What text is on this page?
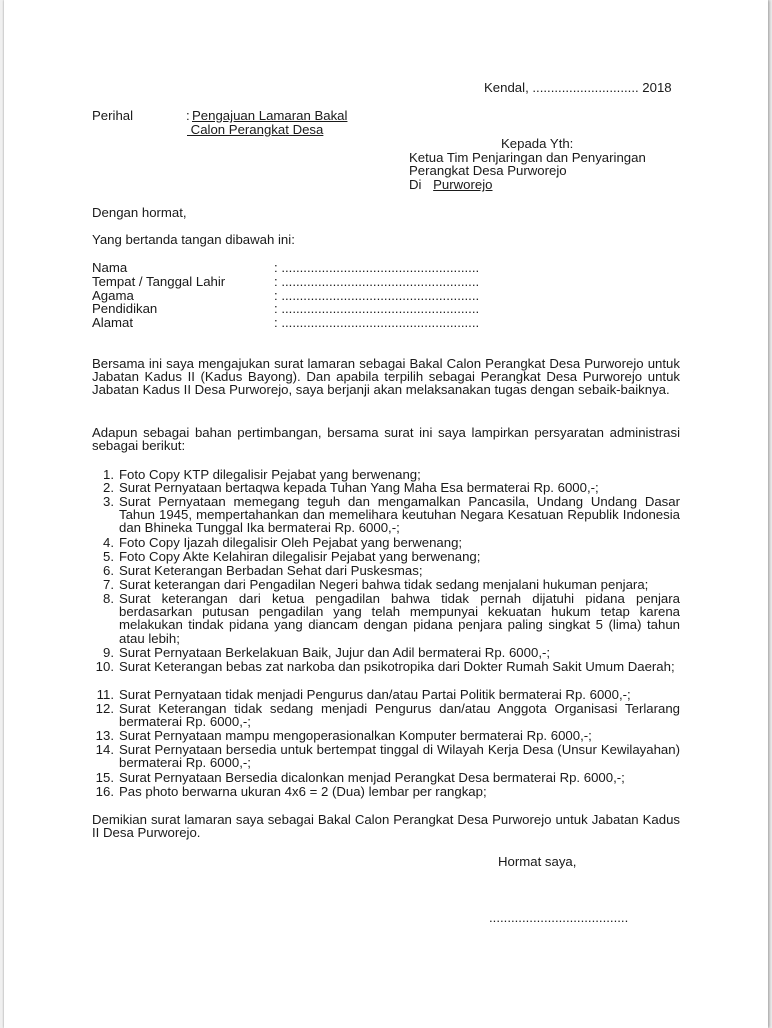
Kendal, ............................. 2018
Perihal	: Pengajuan Lamaran Bakal
Calon Perangkat Desa
Kepada Yth:
Ketua Tim Penjaringan dan Penyaringan
Perangkat Desa Purworejo
Di Purworejo
Dengan hormat,
Yang bertanda tangan dibawah ini:
Nama	: ......................................................
Tempat / Tanggal Lahir	: ......................................................
Agama	: ......................................................
Pendidikan	: ......................................................
Alamat	: ......................................................
Bersama ini saya mengajukan surat lamaran sebagai Bakal Calon Perangkat Desa Purworejo untuk Jabatan Kadus II (Kadus Bayong). Dan apabila terpilih sebagai Perangkat Desa Purworejo untuk Jabatan Kadus II Desa Purworejo, saya berjanji akan melaksanakan tugas dengan sebaik-baiknya.
Adapun sebagai bahan pertimbangan, bersama surat ini saya lampirkan persyaratan administrasi sebagai berikut:
1. Foto Copy KTP dilegalisir Pejabat yang berwenang;
2. Surat Pernyataan bertaqwa kepada Tuhan Yang Maha Esa bermaterai Rp. 6000,-;
3. Surat Pernyataan memegang teguh dan mengamalkan Pancasila, Undang Undang Dasar Tahun 1945, mempertahankan dan memelihara keutuhan Negara Kesatuan Republik Indonesia dan Bhineka Tunggal Ika bermaterai Rp. 6000,-;
4. Foto Copy Ijazah dilegalisir Oleh Pejabat yang berwenang;
5. Foto Copy Akte Kelahiran dilegalisir Pejabat yang berwenang;
6. Surat Keterangan Berbadan Sehat dari Puskesmas;
7. Surat keterangan dari Pengadilan Negeri bahwa tidak sedang menjalani hukuman penjara;
8. Surat keterangan dari ketua pengadilan bahwa tidak pernah dijatuhi pidana penjara berdasarkan putusan pengadilan yang telah mempunyai kekuatan hukum tetap karena melakukan tindak pidana yang diancam dengan pidana penjara paling singkat 5 (lima) tahun atau lebih;
9. Surat Pernyataan Berkelakuan Baik, Jujur dan Adil bermaterai Rp. 6000,-;
10. Surat Keterangan bebas zat narkoba dan psikotropika dari Dokter Rumah Sakit Umum Daerah;
11. Surat Pernyataan tidak menjadi Pengurus dan/atau Partai Politik bermaterai Rp. 6000,-;
12. Surat Keterangan tidak sedang menjadi Pengurus dan/atau Anggota Organisasi Terlarang bermaterai Rp. 6000,-;
13. Surat Pernyataan mampu mengoperasionalkan Komputer bermaterai Rp. 6000,-;
14. Surat Pernyataan bersedia untuk bertempat tinggal di Wilayah Kerja Desa (Unsur Kewilayahan) bermaterai Rp. 6000,-;
15. Surat Pernyataan Bersedia dicalonkan menjad Perangkat Desa bermaterai Rp. 6000,-;
16. Pas photo berwarna ukuran 4x6 = 2 (Dua) lembar per rangkap;
Demikian surat lamaran saya sebagai Bakal Calon Perangkat Desa Purworejo untuk Jabatan Kadus II Desa Purworejo.
Hormat saya,
......................................
